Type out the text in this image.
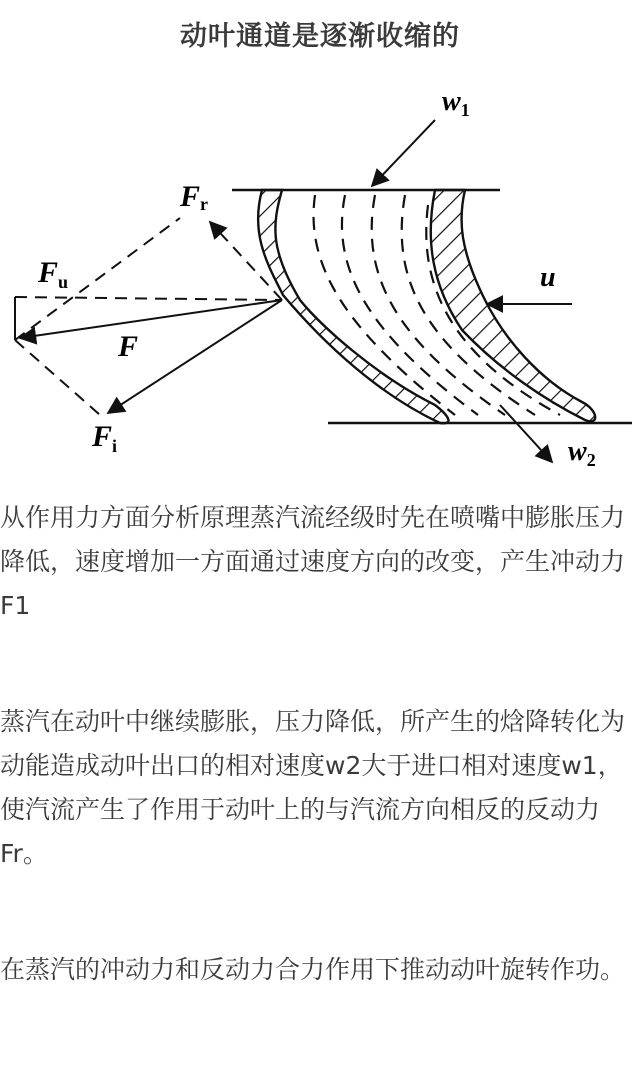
动叶通道是逐渐收缩的
$w_1$
$w_2$
u
Fr
$F_u$
F
$F_i$

从作用力方面分析原理蒸汽流经级时先在喷嘴中膨胀压力降低，速度增加一方面通过速度方向的改变，产生冲动力F1

蒸汽在动叶中继续膨胀，压力降低，所产生的焓降转化为动能造成动叶出口的相对速度w2大于进口相对速度w1，使汽流产生了作用于动叶上的与汽流方向相反的反动力Fr。

在蒸汽的冲动力和反动力合力作用下推动动叶旋转作功。
